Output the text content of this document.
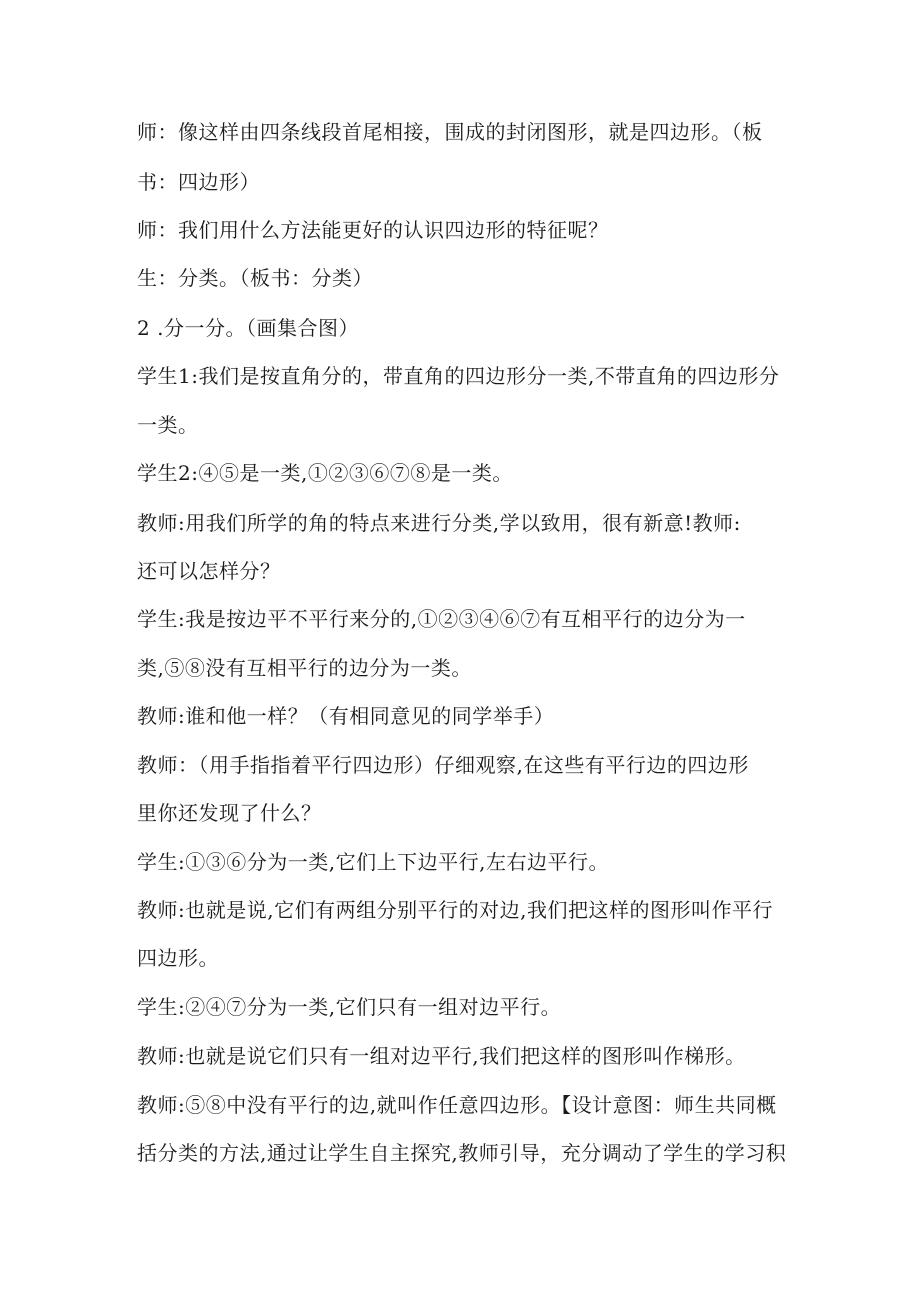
师：像这样由四条线段首尾相接，围成的封闭图形，就是四边形。（板
书：四边形）
师：我们用什么方法能更好的认识四边形的特征呢？
生：分类。（板书：分类）
2 .分一分。（画集合图）
学生1:我们是按直角分的，带直角的四边形分一类,不带直角的四边形分
一类。
学生2:④⑤是一类,①②③⑥⑦⑧是一类。
教师:用我们所学的角的特点来进行分类,学以致用，很有新意!教师:
还可以怎样分？
学生:我是按边平不平行来分的,①②③④⑥⑦有互相平行的边分为一
类,⑤⑧没有互相平行的边分为一类。
教师:谁和他一样？（有相同意见的同学举手）
教师：（用手指指着平行四边形）仔细观察,在这些有平行边的四边形
里你还发现了什么？
学生:①③⑥分为一类,它们上下边平行,左右边平行。
教师:也就是说,它们有两组分别平行的对边,我们把这样的图形叫作平行
四边形。
学生:②④⑦分为一类,它们只有一组对边平行。
教师:也就是说它们只有一组对边平行,我们把这样的图形叫作梯形。
教师:⑤⑧中没有平行的边,就叫作任意四边形。【设计意图：师生共同概
括分类的方法,通过让学生自主探究,教师引导，充分调动了学生的学习积
